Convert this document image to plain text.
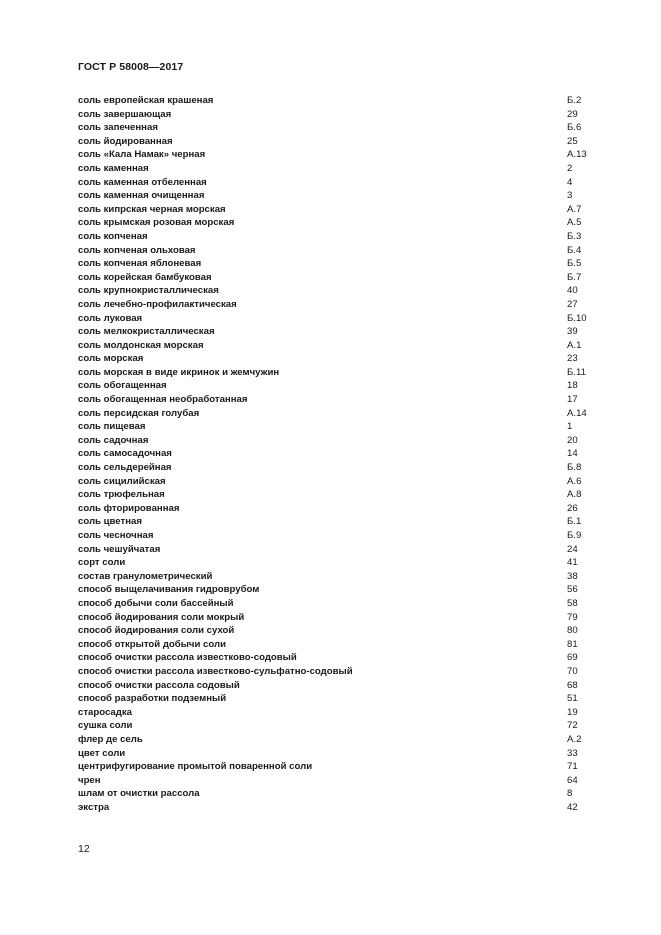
ГОСТ Р 58008—2017
соль европейская крашеная	Б.2
соль завершающая	29
соль запеченная	Б.6
соль йодированная	25
соль «Кала Намак» черная	А.13
соль каменная	2
соль каменная отбеленная	4
соль каменная очищенная	3
соль кипрская черная морская	А.7
соль крымская розовая морская	А.5
соль копченая	Б.3
соль копченая ольховая	Б.4
соль копченая яблоневая	Б.5
соль корейская бамбуковая	Б.7
соль крупнокристаллическая	40
соль лечебно-профилактическая	27
соль луковая	Б.10
соль мелкокристаллическая	39
соль молдонская морская	А.1
соль морская	23
соль морская в виде икринок и жемчужин	Б.11
соль обогащенная	18
соль обогащенная необработанная	17
соль персидская голубая	А.14
соль пищевая	1
соль садочная	20
соль самосадочная	14
соль сельдерейная	Б.8
соль сицилийская	А.6
соль трюфельная	А.8
соль фторированная	26
соль цветная	Б.1
соль чесночная	Б.9
соль чешуйчатая	24
сорт соли	41
состав гранулометрический	38
способ выщелачивания гидроврубом	56
способ добычи соли бассейный	58
способ йодирования соли мокрый	79
способ йодирования соли сухой	80
способ открытой добычи соли	81
способ очистки рассола известково-содовый	69
способ очистки рассола известково-сульфатно-содовый	70
способ очистки рассола содовый	68
способ разработки подземный	51
старосадка	19
сушка соли	72
флер де сель	А.2
цвет соли	33
центрифугирование промытой поваренной соли	71
чрен	64
шлам от очистки рассола	8
экстра	42
12
